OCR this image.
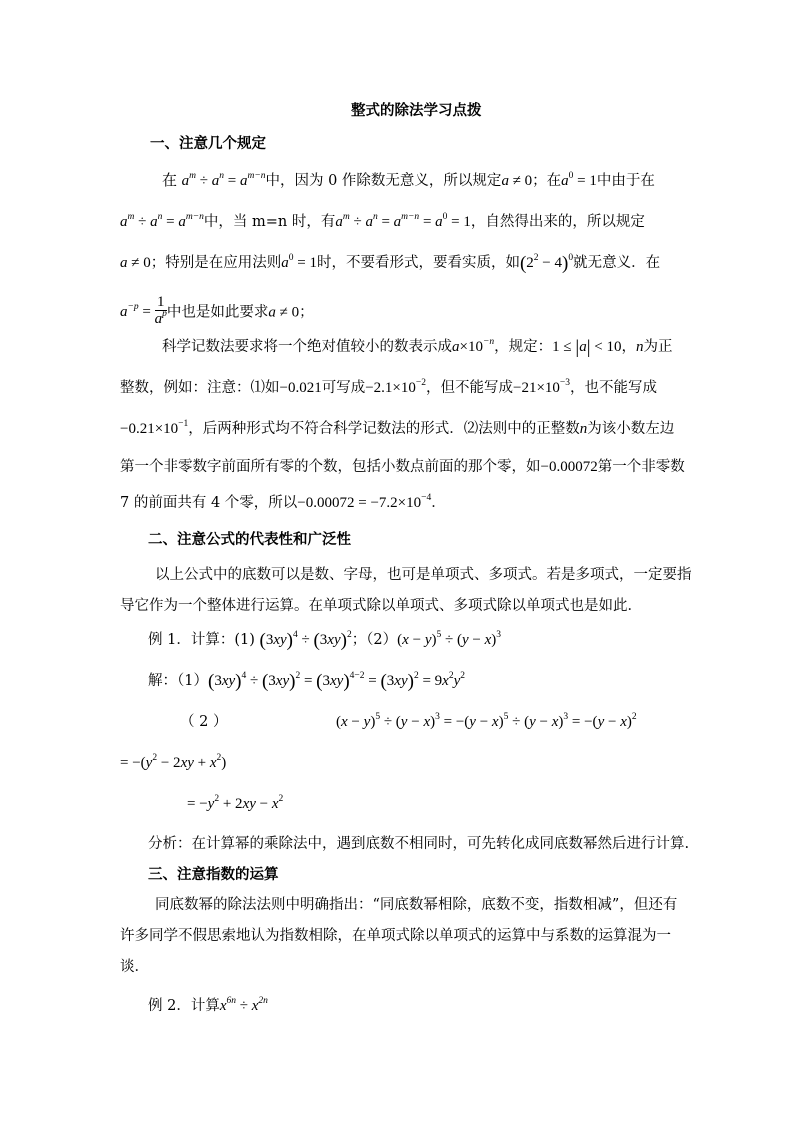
整式的除法学习点拨
一、注意几个规定
在 $a^m \div a^n = a^{m-n}$中，因为 0 作除数无意义，所以规定a ≠ 0；在$a^0 = 1$中由于在
$a^m \div a^n = a^{m-n}$中，当 m=n 时，有$a^m \div a^n = a^{m-n} = a^0 = 1$，自然得出来的，所以规定
a ≠ 0；特别是在应用法则$a^0 = 1$时，不要看形式，要看实质，如$(2^2 - 4)^0$就无意义．在
$a^{-p} = \frac{1}{a^p}$ 中也是如此要求a ≠ 0；
科学记数法要求将一个绝对值较小的数表示成$a\times 10^{-n}$，规定：1 ≤ |a| < 10，n为正
整数，例如：注意：⑴如−0.021可写成$-2.1\times 10^{-2}$，但不能写成$-21\times 10^{-3}$，也不能写成
$-0.21\times 10^{-1}$，后两种形式均不符合科学记数法的形式．⑵法则中的正整数n为该小数左边
第一个非零数字前面所有零的个数，包括小数点前面的那个零，如−0.00072第一个非零数
7 的前面共有 4 个零，所以$-0.00072 = -7.2\times 10^{-4}$．
二、注意公式的代表性和广泛性
以上公式中的底数可以是数、字母，也可是单项式、多项式。若是多项式，一定要指
导它作为一个整体进行运算。在单项式除以单项式、多项式除以单项式也是如此．
例 1．计算：(1) $(3xy)^4 \div (3xy)^2$；$(2)(x - y)^5 \div (y - x)^3$
解：$(1)(3xy)^4 \div (3xy)^2 = (3xy)^{4-2} = (3xy)^2 = 9x^2y^2$
（ 2 ）	$(x - y)^5 \div (y - x)^3 = -(y - x)^5 \div (y - x)^3 = -(y - x)^2$
= $-(y^2 - 2xy + x^2)$
= $-y^2 + 2xy - x^2$
分析：在计算幂的乘除法中，遇到底数不相同时，可先转化成同底数幂然后进行计算.
三、注意指数的运算
同底数幂的除法法则中明确指出：“同底数幂相除，底数不变，指数相减”，但还有
许多同学不假思索地认为指数相除，在单项式除以单项式的运算中与系数的运算混为一
谈．
例 2．计算$x^{6n} \div x^{2n}$
